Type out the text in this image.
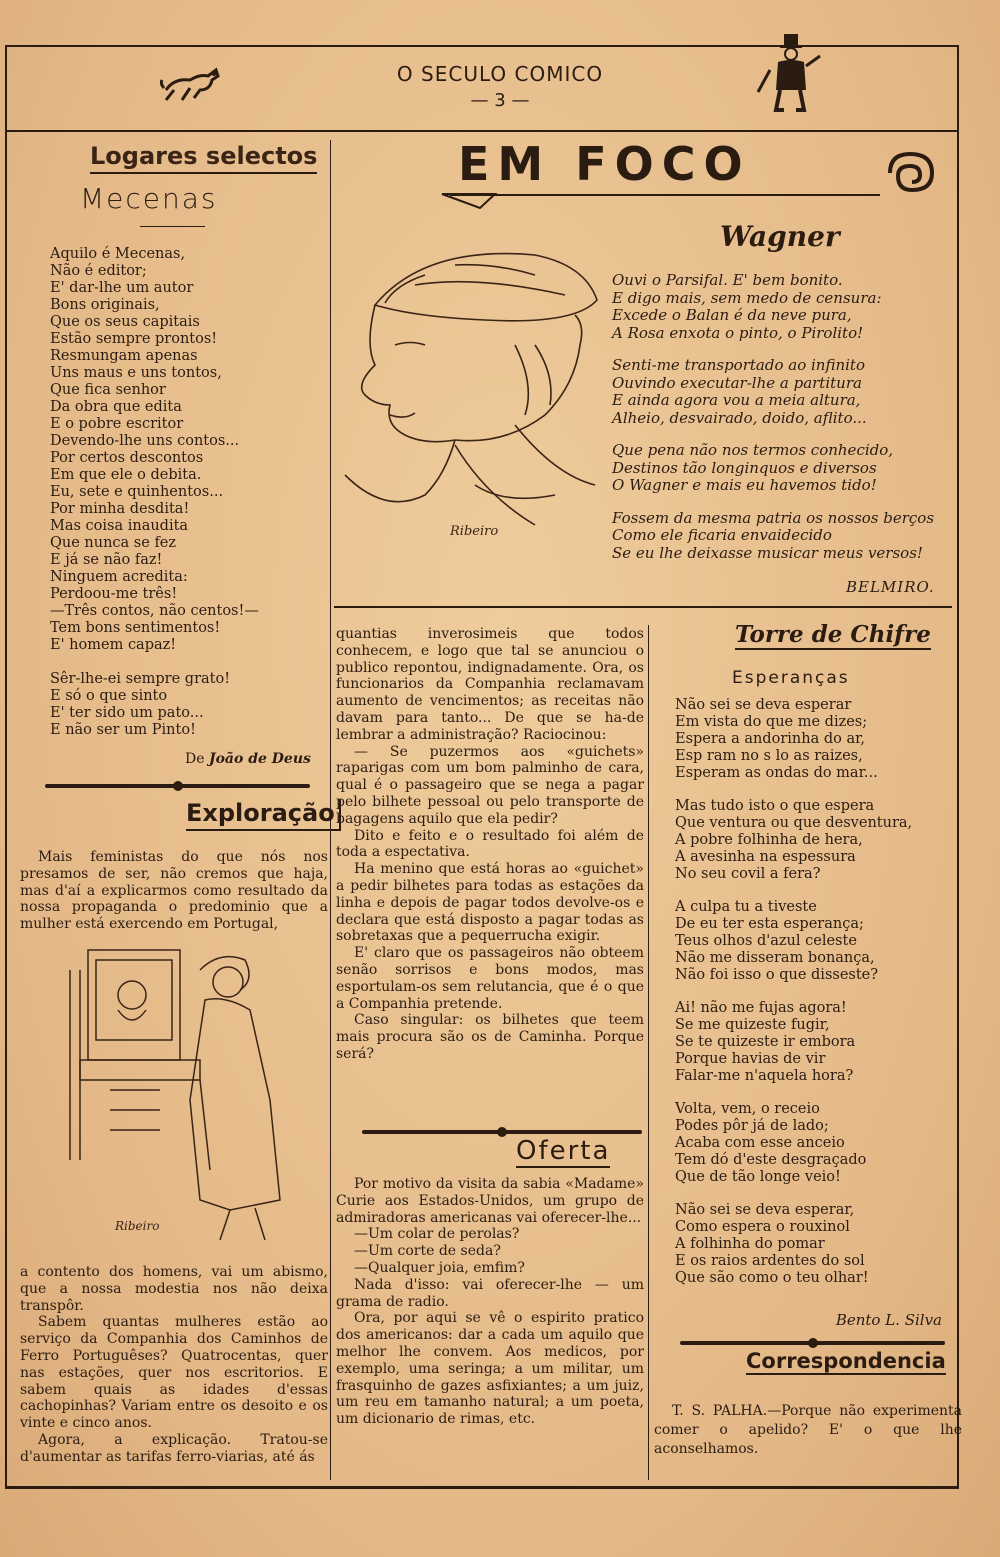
O SECULO COMICO
— 3 —
Logares selectos
Mecenas
Aquilo é Mecenas,
Não é editor;
E' dar-lhe um autor
Bons originais,
Que os seus capitais
Estão sempre prontos!
Resmungam apenas
Uns maus e uns tontos,
Que fica senhor
Da obra que edita
E o pobre escritor
Devendo-lhe uns contos...
Por certos descontos
Em que ele o debita.
Eu, sete e quinhentos...
Por minha desdita!
Mas coisa inaudita
Que nunca se fez
E já se não faz!
Ninguem acredita:
Perdoou-me três!
—Três contos, não centos!—
Tem bons sentimentos!
E' homem capaz!

Sêr-lhe-ei sempre grato!
E só o que sinto
E' ter sido um pato...
E não ser um Pinto!
De João de Deus
Exploração

Mais feministas do que nós nos presamos de ser, não cremos que haja, mas d'aí a explicarmos como resultado da nossa propaganda o predominio que a mulher está exercendo em Portugal,

Ribeiro

a contento dos homens, vai um abismo, que a nossa modestia nos não deixa transpôr.

Sabem quantas mulheres estão ao serviço da Companhia dos Caminhos de Ferro Portuguêses? Quatrocentas, quer nas estações, quer nos escritorios. E sabem quais as idades d'essas cachopinhas? Variam entre os desoito e os vinte e cinco anos.

Agora, a explicação. Tratou-se d'aumentar as tarifas ferro-viarias, até ás

EM FOCO
Wagner
Ribeiro
Ouvi o Parsifal. E' bem bonito.
E digo mais, sem medo de censura:
Excede o Balan é da neve pura,
A Rosa enxota o pinto, o Pirolito!
Senti-me transportado ao infinito
Ouvindo executar-lhe a partitura
E ainda agora vou a meia altura,
Alheio, desvairado, doido, aflito...
Que pena não nos termos conhecido,
Destinos tão longinquos e diversos
O Wagner e mais eu havemos tido!
Fossem da mesma patria os nossos berços
Como ele ficaria envaidecido
Se eu lhe deixasse musicar meus versos!
BELMIRO.

quantias inverosimeis que todos conhecem, e logo que tal se anunciou o publico repontou, indignadamente. Ora, os funcionarios da Companhia reclamavam aumento de vencimentos; as receitas não davam para tanto... De que se ha-de lembrar a administração? Raciocinou:

— Se puzermos aos «guichets» raparigas com um bom palminho de cara, qual é o passageiro que se nega a pagar pelo bilhete pessoal ou pelo transporte de bagagens aquilo que ela pedir?

Dito e feito e o resultado foi além de toda a espectativa.

Ha menino que está horas ao «guichet» a pedir bilhetes para todas as estações da linha e depois de pagar todos devolve-os e declara que está disposto a pagar todas as sobretaxas que a pequerrucha exigir.

E' claro que os passageiros não obteem senão sorrisos e bons modos, mas esportulam-os sem relutancia, que é o que a Companhia pretende.

Caso singular: os bilhetes que teem mais procura são os de Caminha. Porque será?

Oferta

Por motivo da visita da sabia «Madame» Curie aos Estados-Unidos, um grupo de admiradoras americanas vai oferecer-lhe...

—Um colar de perolas?

—Um corte de seda?

—Qualquer joia, emfim?

Nada d'isso: vai oferecer-lhe — um grama de radio.

Ora, por aqui se vê o espirito pratico dos americanos: dar a cada um aquilo que melhor lhe convem. Aos medicos, por exemplo, uma seringa; a um militar, um frasquinho de gazes asfixiantes; a um juiz, um reu em tamanho natural; a um poeta, um dicionario de rimas, etc.

Torre de Chifre
Esperanças
Não sei se deva esperar
Em vista do que me dizes;
Espera a andorinha do ar,
Esp ram no s lo as raizes,
Esperam as ondas do mar...
Mas tudo isto o que espera
Que ventura ou que desventura,
A pobre folhinha de hera,
A avesinha na espessura
No seu covil a fera?
A culpa tu a tiveste
De eu ter esta esperança;
Teus olhos d'azul celeste
Não me disseram bonança,
Não foi isso o que disseste?
Ai! não me fujas agora!
Se me quizeste fugir,
Se te quizeste ir embora
Porque havias de vir
Falar-me n'aquela hora?
Volta, vem, o receio
Podes pôr já de lado;
Acaba com esse anceio
Tem dó d'este desgraçado
Que de tão longe veio!
Não sei se deva esperar,
Como espera o rouxinol
A folhinha do pomar
E os raios ardentes do sol
Que são como o teu olhar!
Bento L. Silva
Correspondencia

T. S. PALHA.—Porque não experimenta comer o apelido? E' o que lhe aconselhamos.
